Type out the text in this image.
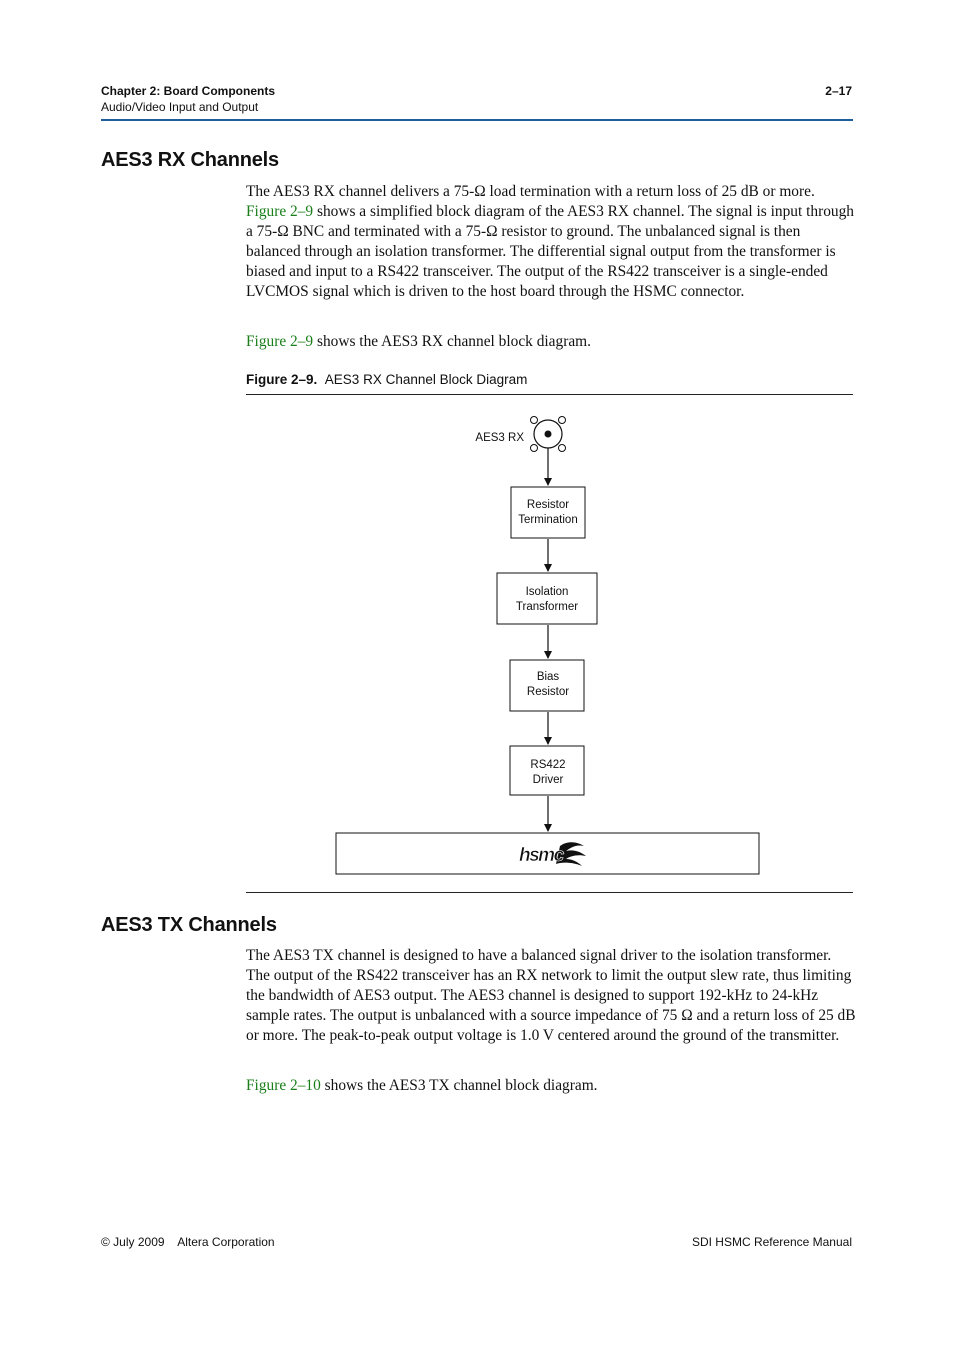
Chapter 2: Board Components
Audio/Video Input and Output
2–17
AES3 RX Channels

The AES3 RX channel delivers a 75-Ω load termination with a return loss of 25 dB or more. Figure 2–9 shows a simplified block diagram of the AES3 RX channel. The signal is input through a 75-Ω BNC and terminated with a 75-Ω resistor to ground. The unbalanced signal is then balanced through an isolation transformer. The differential signal output from the transformer is biased and input to a RS422 transceiver. The output of the RS422 transceiver is a single-ended LVCMOS signal which is driven to the host board through the HSMC connector.

Figure 2–9 shows the AES3 RX channel block diagram.

Figure 2–9. AES3 RX Channel Block Diagram
AES3 RX
Resistor
Termination
Isolation
Transformer
Bias
Resistor
RS422
Driver
hsmc
AES3 TX Channels

The AES3 TX channel is designed to have a balanced signal driver to the isolation transformer. The output of the RS422 transceiver has an RX network to limit the output slew rate, thus limiting the bandwidth of AES3 output. The AES3 channel is designed to support 192-kHz to 24-kHz sample rates. The output is unbalanced with a source impedance of 75 Ω and a return loss of 25 dB or more. The peak-to-peak output voltage is 1.0 V centered around the ground of the transmitter.

Figure 2–10 shows the AES3 TX channel block diagram.

© July 2009    Altera Corporation	SDI HSMC Reference Manual
